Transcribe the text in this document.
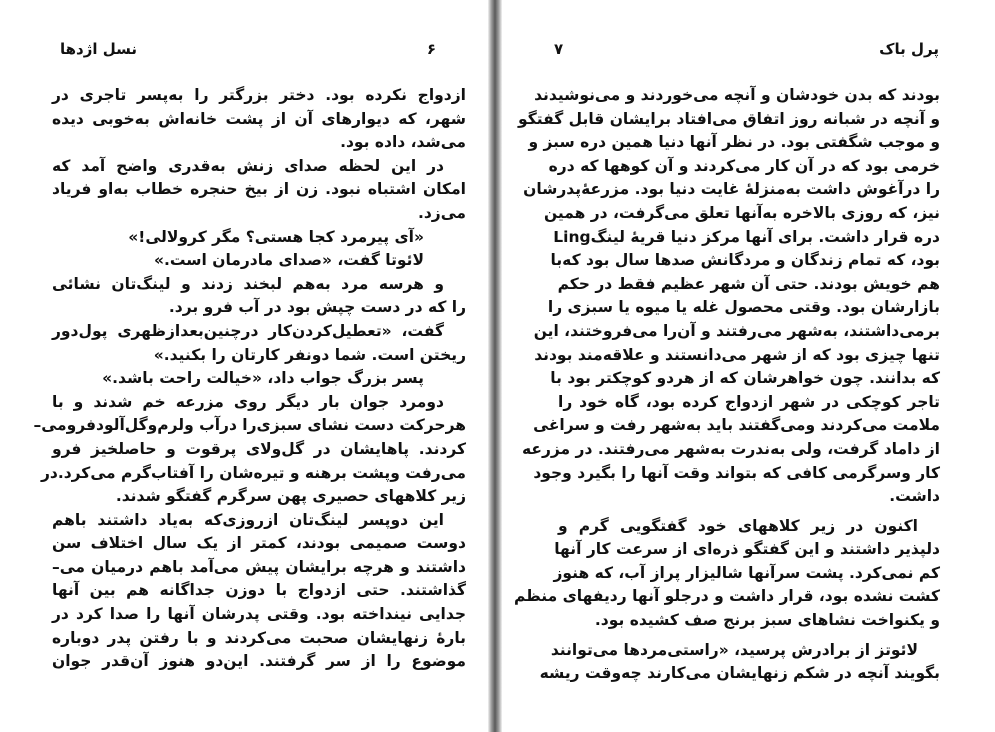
نسل اژدها	۶
ازدواج نکرده بود. دختر بزرگتر را به‌پسر تاجری در
شهر، که دیوارهای آن از پشت خانه‌اش به‌خوبی دیده
می‌شد، داده بود.
در این لحظه صدای زنش به‌قدری واضح آمد که
امکان اشتباه نبود. زن از بیخ حنجره خطاب به‌او فریاد
می‌زد.
«آی پیرمرد کجا هستی؟ مگر کرولالی!»
لائوتا گفت، «صدای مادرمان است.»
و هرسه مرد به‌هم لبخند زدند و لینگ‌تان نشائی
را که در دست چپش بود در آب فرو برد.
گفت، «تعطیل‌کردن‌کار درچنین‌بعدازظهری پول‌دور
ریختن است. شما دونفر کارتان را بکنید.»
پسر بزرگ جواب داد، «خیالت راحت باشد.»
دومرد جوان بار دیگر روی مزرعه خم شدند و با
هرحرکت دست نشای سبزی‌را درآب ولرم‌وگل‌آلودفرومی–
کردند. پاهایشان در گل‌ولای پرقوت و حاصلخیز فرو
می‌رفت وپشت برهنه و تیره‌شان را آفتاب‌گرم می‌کرد.در
زیر کلاههای حصیری پهن سرگرم گفتگو شدند.
این دوپسر لینگ‌تان ازروزی‌که به‌یاد داشتند باهم
دوست صمیمی بودند، کمتر از یک سال اختلاف سن
داشتند و هرچه برایشان پیش می‌آمد باهم درمیان می–
گذاشتند. حتی ازدواج با دوزن جداگانه هم بین آنها
جدایی نینداخته بود. وقتی پدرشان آنها را صدا کرد در
بارهٔ زنهایشان صحبت می‌کردند و با رفتن پدر دوباره
موضوع را از سر گرفتند. این‌دو هنوز آن‌قدر جوان
پرل باک
۷
بودند که بدن خودشان و آنچه می‌خوردند و می‌نوشیدند
و آنچه در شبانه روز اتفاق می‌افتاد برایشان قابل گفتگو
و موجب شگفتی بود. در نظر آنها دنیا همین دره سبز و
خرمی بود که در آن کار می‌کردند و آن کوهها که دره
را درآغوش داشت به‌منزلهٔ غایت دنیا بود. مزرعهٔ‌پدرشان
نیز، که روزی بالاخره به‌آنها تعلق می‌گرفت، در همین
دره قرار داشت. برای آنها مرکز دنیا قریهٔ لینگ‌Ling
بود، که تمام زندگان و مردگانش صدها سال بود که‌با
هم خویش بودند. حتی آن شهر عظیم فقط در حکم
بازارشان بود. وقتی محصول غله یا میوه یا سبزی را
برمی‌داشتند، به‌شهر می‌رفتند و آن‌را می‌فروختند، این
تنها چیزی بود که از شهر می‌دانستند و علاقه‌مند بودند
که بدانند. چون خواهرشان که از هردو کوچکتر بود با
تاجر کوچکی در شهر ازدواج کرده بود، گاه خود را
ملامت می‌کردند ومی‌گفتند باید به‌شهر رفت و سراغی
از داماد گرفت، ولی به‌ندرت به‌شهر می‌رفتند. در مزرعه
کار وسرگرمی کافی که بتواند وقت آنها را بگیرد وجود
داشت.
اکنون در زیر کلاههای خود گفتگویی گرم و
دلپذیر داشتند و این گفتگو ذره‌ای از سرعت کار آنها
کم نمی‌کرد. پشت سرآنها شالیزار پراز آب، که هنوز
کشت نشده بود، قرار داشت و درجلو آنها ردیفهای منظم
و یکنواخت نشاهای سبز برنج صف کشیده بود.
لائوتز از برادرش پرسید، «راستی‌مردها می‌توانند
بگویند آنچه در شکم زنهایشان می‌کارند چه‌وقت ریشه
